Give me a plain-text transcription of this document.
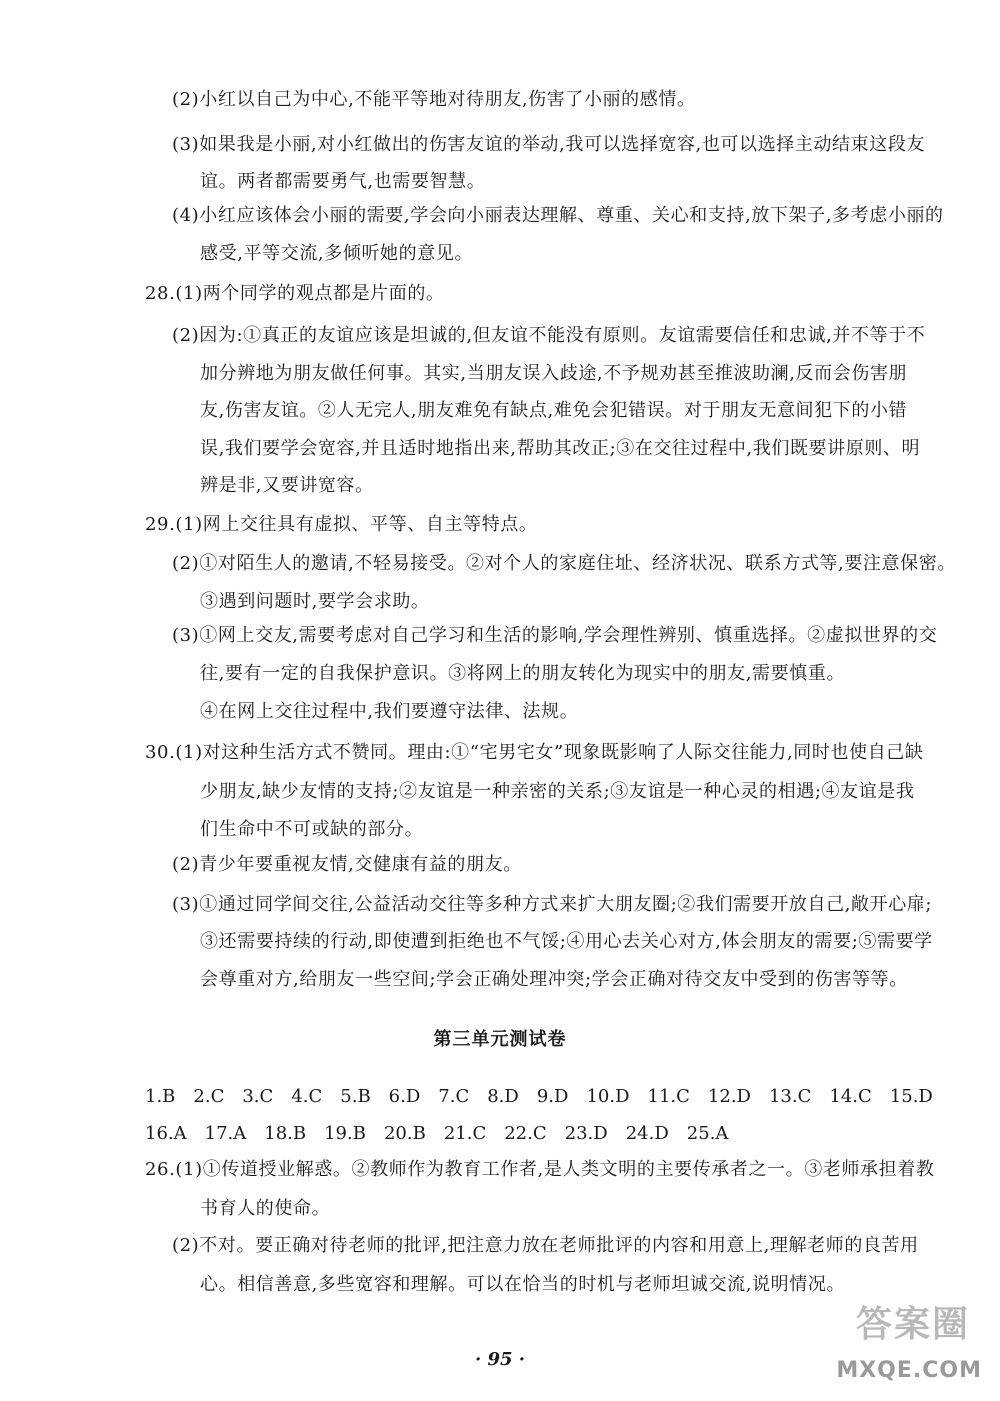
(2)小红以自己为中心,不能平等地对待朋友,伤害了小丽的感情。
(3)如果我是小丽,对小红做出的伤害友谊的举动,我可以选择宽容,也可以选择主动结束这段友
谊。两者都需要勇气,也需要智慧。
(4)小红应该体会小丽的需要,学会向小丽表达理解、尊重、关心和支持,放下架子,多考虑小丽的
感受,平等交流,多倾听她的意见。
28.(1)两个同学的观点都是片面的。
(2)因为:①真正的友谊应该是坦诚的,但友谊不能没有原则。友谊需要信任和忠诚,并不等于不
加分辨地为朋友做任何事。其实,当朋友误入歧途,不予规劝甚至推波助澜,反而会伤害朋
友,伤害友谊。②人无完人,朋友难免有缺点,难免会犯错误。对于朋友无意间犯下的小错
误,我们要学会宽容,并且适时地指出来,帮助其改正;③在交往过程中,我们既要讲原则、明
辨是非,又要讲宽容。
29.(1)网上交往具有虚拟、平等、自主等特点。
(2)①对陌生人的邀请,不轻易接受。②对个人的家庭住址、经济状况、联系方式等,要注意保密。
③遇到问题时,要学会求助。
(3)①网上交友,需要考虑对自己学习和生活的影响,学会理性辨别、慎重选择。②虚拟世界的交
往,要有一定的自我保护意识。③将网上的朋友转化为现实中的朋友,需要慎重。
④在网上交往过程中,我们要遵守法律、法规。
30.(1)对这种生活方式不赞同。理由:①“宅男宅女”现象既影响了人际交往能力,同时也使自己缺
少朋友,缺少友情的支持;②友谊是一种亲密的关系;③友谊是一种心灵的相遇;④友谊是我
们生命中不可或缺的部分。
(2)青少年要重视友情,交健康有益的朋友。
(3)①通过同学间交往,公益活动交往等多种方式来扩大朋友圈;②我们需要开放自己,敞开心扉;
③还需要持续的行动,即使遭到拒绝也不气馁;④用心去关心对方,体会朋友的需要;⑤需要学
会尊重对方,给朋友一些空间;学会正确处理冲突;学会正确对待交友中受到的伤害等等。
第三单元测试卷
1.B 2.C 3.C 4.C 5.B 6.D 7.C 8.D 9.D 10.D 11.C 12.D 13.C 14.C 15.D
16.A 17.A 18.B 19.B 20.B 21.C 22.C 23.D 24.D 25.A
26.(1)①传道授业解惑。②教师作为教育工作者,是人类文明的主要传承者之一。③老师承担着教
书育人的使命。
(2)不对。要正确对待老师的批评,把注意力放在老师批评的内容和用意上,理解老师的良苦用
心。相信善意,多些宽容和理解。可以在恰当的时机与老师坦诚交流,说明情况。
· 95 ·
答案圈
MXQE.COM
